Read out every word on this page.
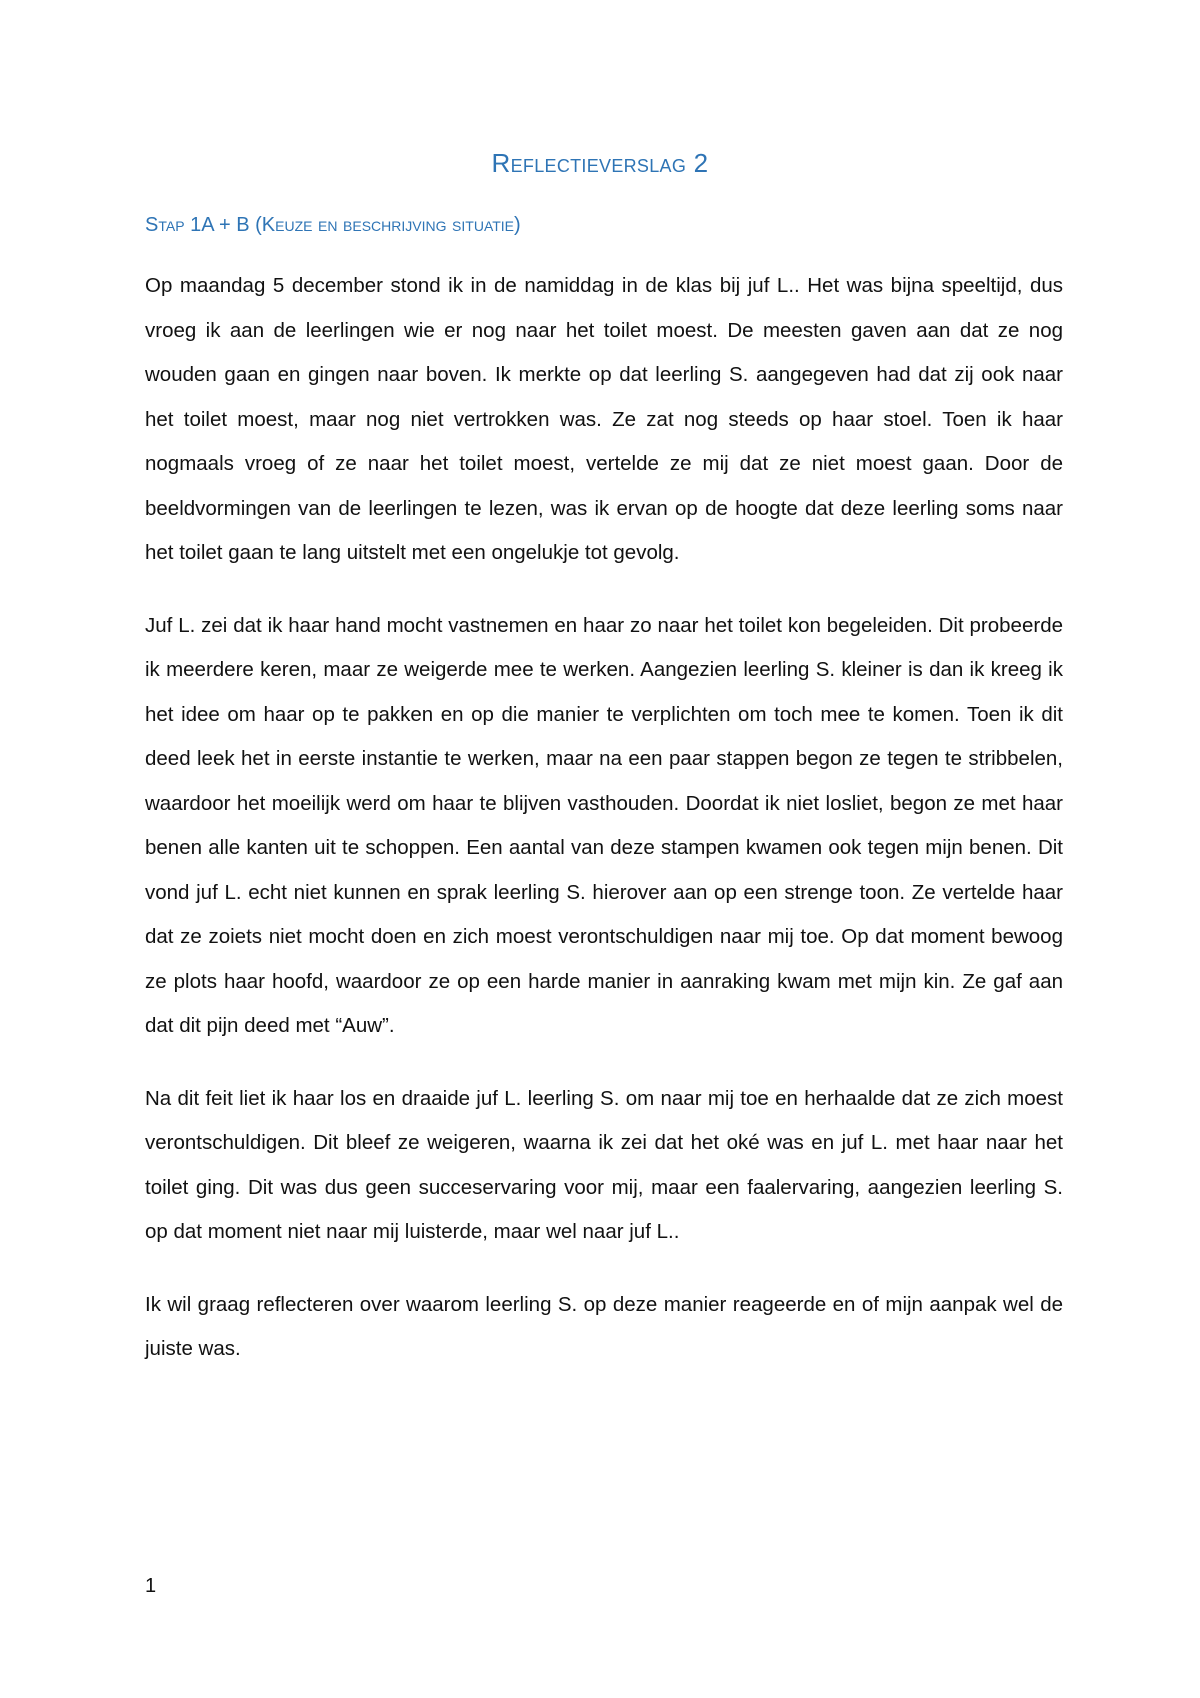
Reflectieverslag 2
Stap 1A + B (Keuze en beschrijving situatie)

Op maandag 5 december stond ik in de namiddag in de klas bij juf L.. Het was bijna speeltijd, dus vroeg ik aan de leerlingen wie er nog naar het toilet moest. De meesten gaven aan dat ze nog wouden gaan en gingen naar boven. Ik merkte op dat leerling S. aangegeven had dat zij ook naar het toilet moest, maar nog niet vertrokken was. Ze zat nog steeds op haar stoel. Toen ik haar nogmaals vroeg of ze naar het toilet moest, vertelde ze mij dat ze niet moest gaan. Door de beeldvormingen van de leerlingen te lezen, was ik ervan op de hoogte dat deze leerling soms naar het toilet gaan te lang uitstelt met een ongelukje tot gevolg.

Juf L. zei dat ik haar hand mocht vastnemen en haar zo naar het toilet kon begeleiden. Dit probeerde ik meerdere keren, maar ze weigerde mee te werken. Aangezien leerling S. kleiner is dan ik kreeg ik het idee om haar op te pakken en op die manier te verplichten om toch mee te komen. Toen ik dit deed leek het in eerste instantie te werken, maar na een paar stappen begon ze tegen te stribbelen, waardoor het moeilijk werd om haar te blijven vasthouden. Doordat ik niet losliet, begon ze met haar benen alle kanten uit te schoppen. Een aantal van deze stampen kwamen ook tegen mijn benen. Dit vond juf L. echt niet kunnen en sprak leerling S. hierover aan op een strenge toon. Ze vertelde haar dat ze zoiets niet mocht doen en zich moest verontschuldigen naar mij toe. Op dat moment bewoog ze plots haar hoofd, waardoor ze op een harde manier in aanraking kwam met mijn kin. Ze gaf aan dat dit pijn deed met “Auw”.

Na dit feit liet ik haar los en draaide juf L. leerling S. om naar mij toe en herhaalde dat ze zich moest verontschuldigen. Dit bleef ze weigeren, waarna ik zei dat het oké was en juf L. met haar naar het toilet ging. Dit was dus geen succeservaring voor mij, maar een faalervaring, aangezien leerling S. op dat moment niet naar mij luisterde, maar wel naar juf L..

Ik wil graag reflecteren over waarom leerling S. op deze manier reageerde en of mijn aanpak wel de juiste was.

1
